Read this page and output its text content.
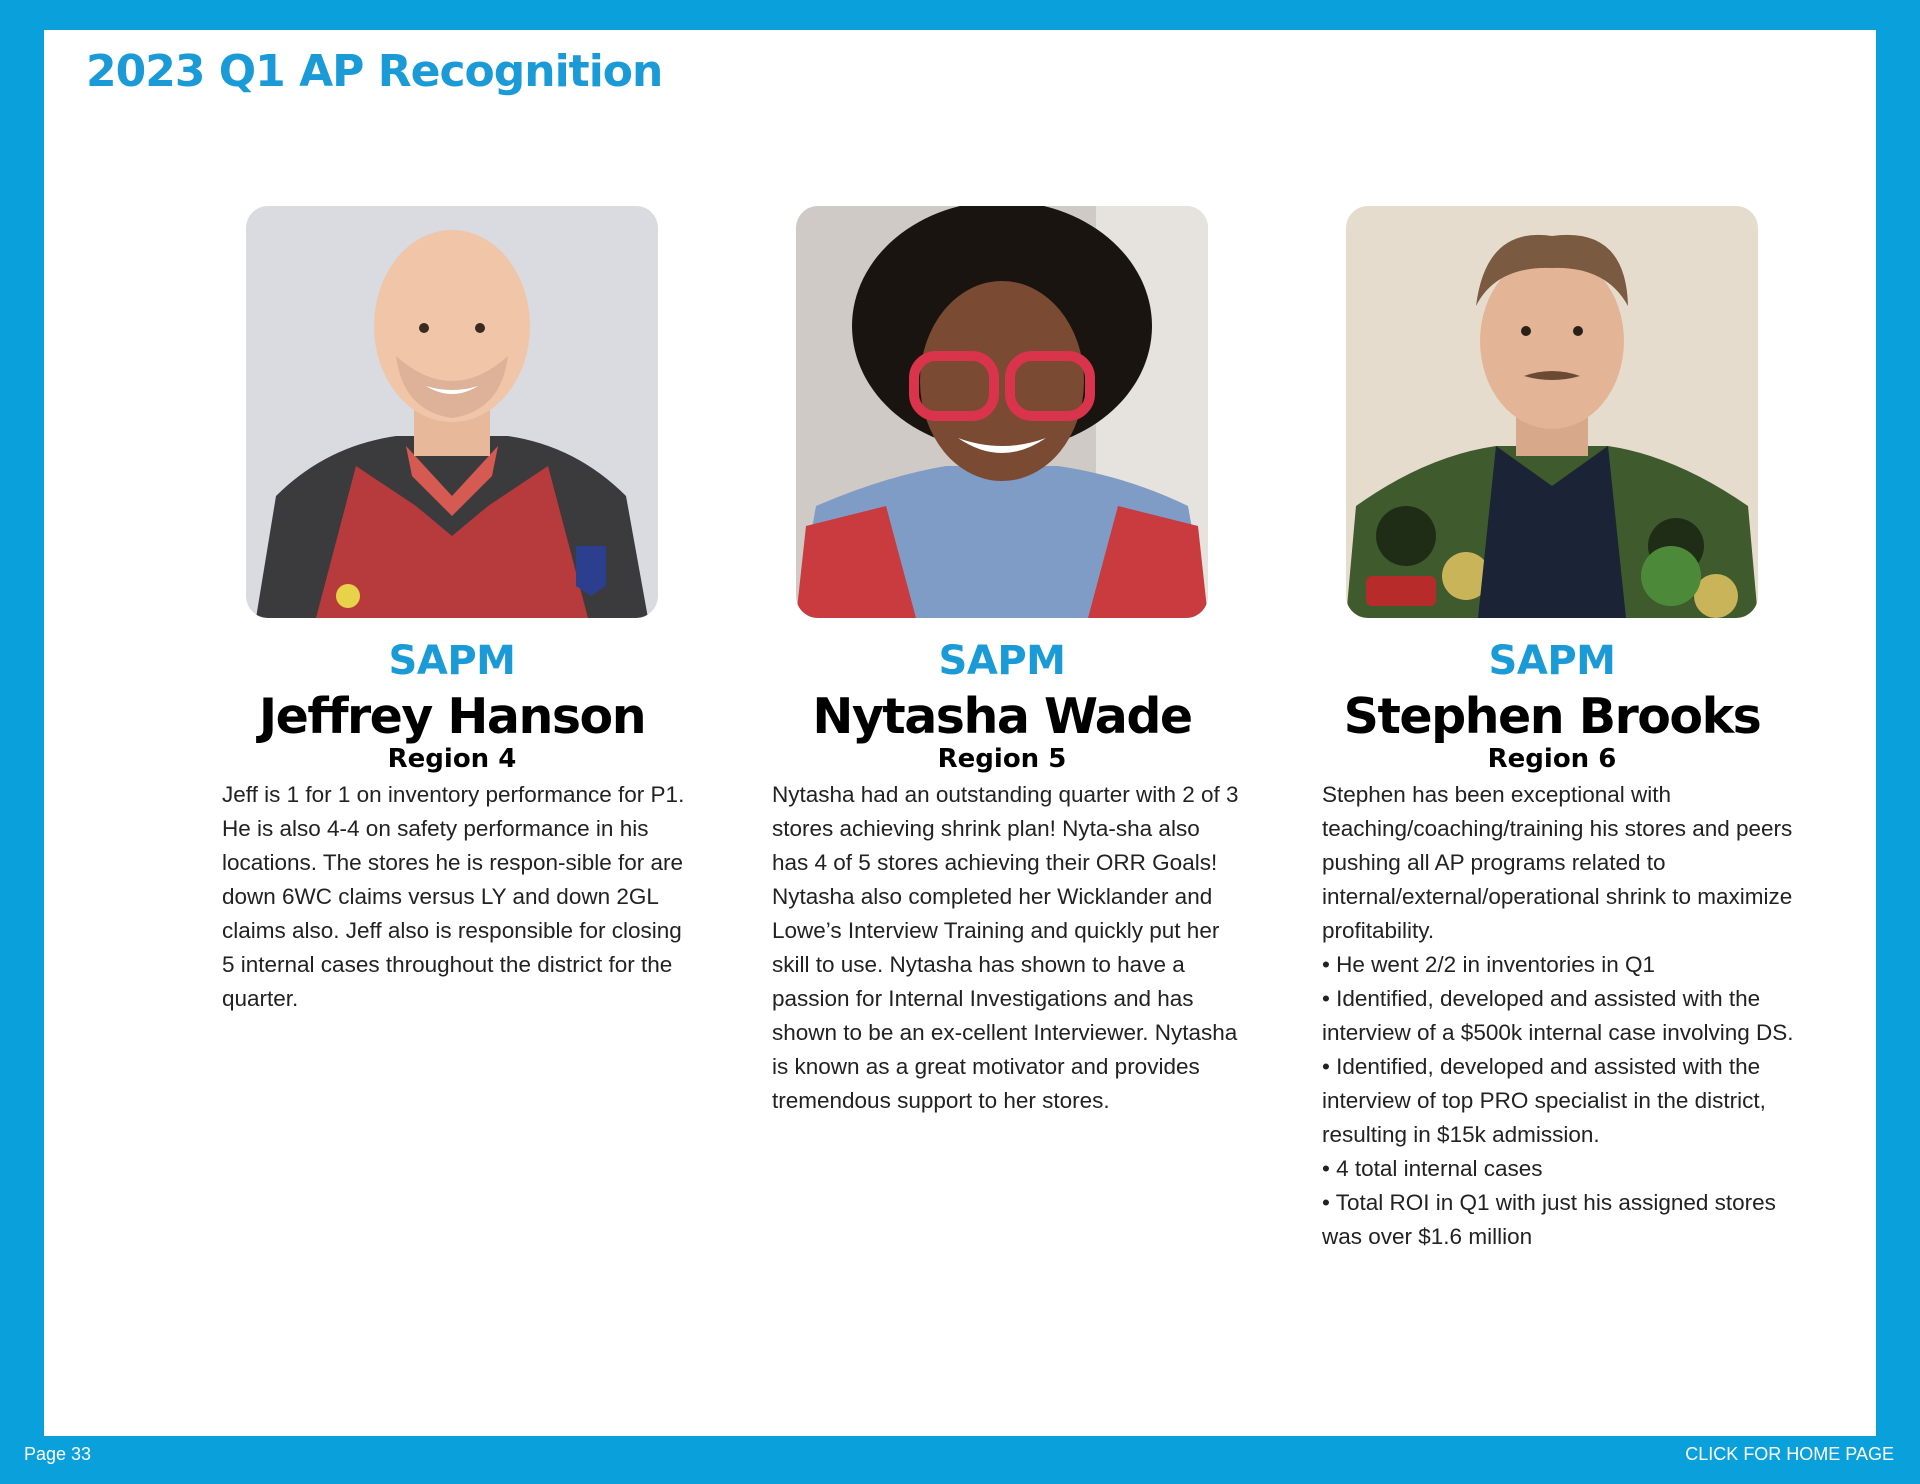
2023 Q1 AP Recognition
SAPM
Jeffrey Hanson
Region 4

Jeff is 1 for 1 on inventory performance for P1. He is also 4-4 on safety performance in his locations. The stores he is respon-sible for are down 6WC claims versus LY and down 2GL claims also. Jeff also is responsible for closing 5 internal cases throughout the district for the quarter.

SAPM
Nytasha Wade
Region 5

Nytasha had an outstanding quarter with 2 of 3 stores achieving shrink plan! Nyta-sha also has 4 of 5 stores achieving their ORR Goals! Nytasha also completed her Wicklander and Lowe’s Interview Training and quickly put her skill to use. Nytasha has shown to have a passion for Internal Investigations and has shown to be an ex-cellent Interviewer. Nytasha is known as a great motivator and provides tremendous support to her stores.

SAPM
Stephen Brooks
Region 6

Stephen has been exceptional with teaching/coaching/training his stores and peers pushing all AP programs related to internal/external/operational shrink to maximize profitability.

• He went 2/2 in inventories in Q1

• Identified, developed and assisted with the interview of a $500k internal case involving DS.

• Identified, developed and assisted with the interview of top PRO specialist in the district, resulting in $15k admission.

• 4 total internal cases

• Total ROI in Q1 with just his assigned stores was over $1.6 million

Page 33	CLICK FOR HOME PAGE
